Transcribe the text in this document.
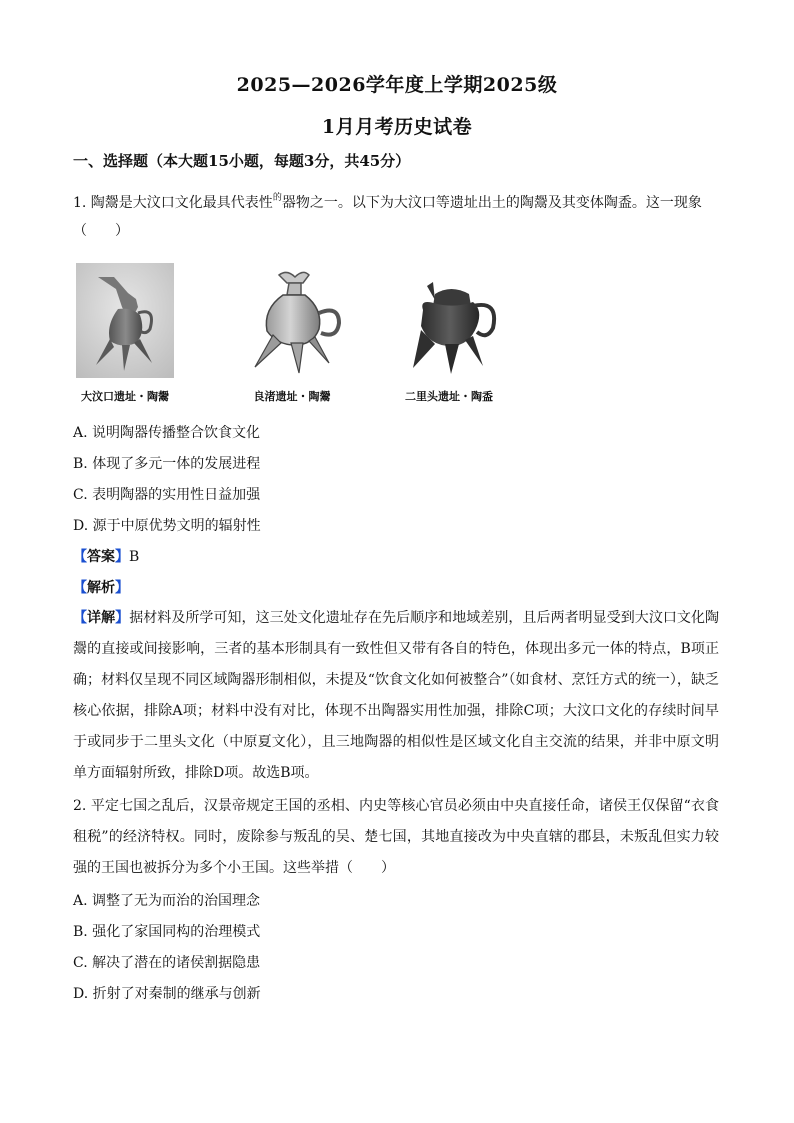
2025—2026学年度上学期2025级
1月月考历史试卷
一、选择题（本大题15小题，每题3分，共45分）
1. 陶鬶是大汶口文化最具代表性$^的$器物之一。以下为大汶口等遗址出土的陶鬶及其变体陶盉。这一现象
（　　）
大汶口遗址・陶鬶	良渚遗址・陶鬶	二里头遗址・陶盉
A. 说明陶器传播整合饮食文化
B. 体现了多元一体的发展进程
C. 表明陶器的实用性日益加强
D. 源于中原优势文明的辐射性
【答案】B
【解析】
【详解】据材料及所学可知，这三处文化遗址存在先后顺序和地域差别，且后两者明显受到大汶口文化陶
鬶的直接或间接影响，三者的基本形制具有一致性但又带有各自的特色，体现出多元一体的特点，B项正
确；材料仅呈现不同区域陶器形制相似，未提及“饮食文化如何被整合”（如食材、烹饪方式的统一），缺乏
核心依据，排除A项；材料中没有对比，体现不出陶器实用性加强，排除C项；大汶口文化的存续时间早
于或同步于二里头文化（中原夏文化），且三地陶器的相似性是区域文化自主交流的结果，并非中原文明
单方面辐射所致，排除D项。故选B项。
2. 平定七国之乱后，汉景帝规定王国的丞相、内史等核心官员必须由中央直接任命，诸侯王仅保留“衣食
租税”的经济特权。同时，废除参与叛乱的吴、楚七国，其地直接改为中央直辖的郡县，未叛乱但实力较
强的王国也被拆分为多个小王国。这些举措（　　）
A. 调整了无为而治的治国理念
B. 强化了家国同构的治理模式
C. 解决了潜在的诸侯割据隐患
D. 折射了对秦制的继承与创新
